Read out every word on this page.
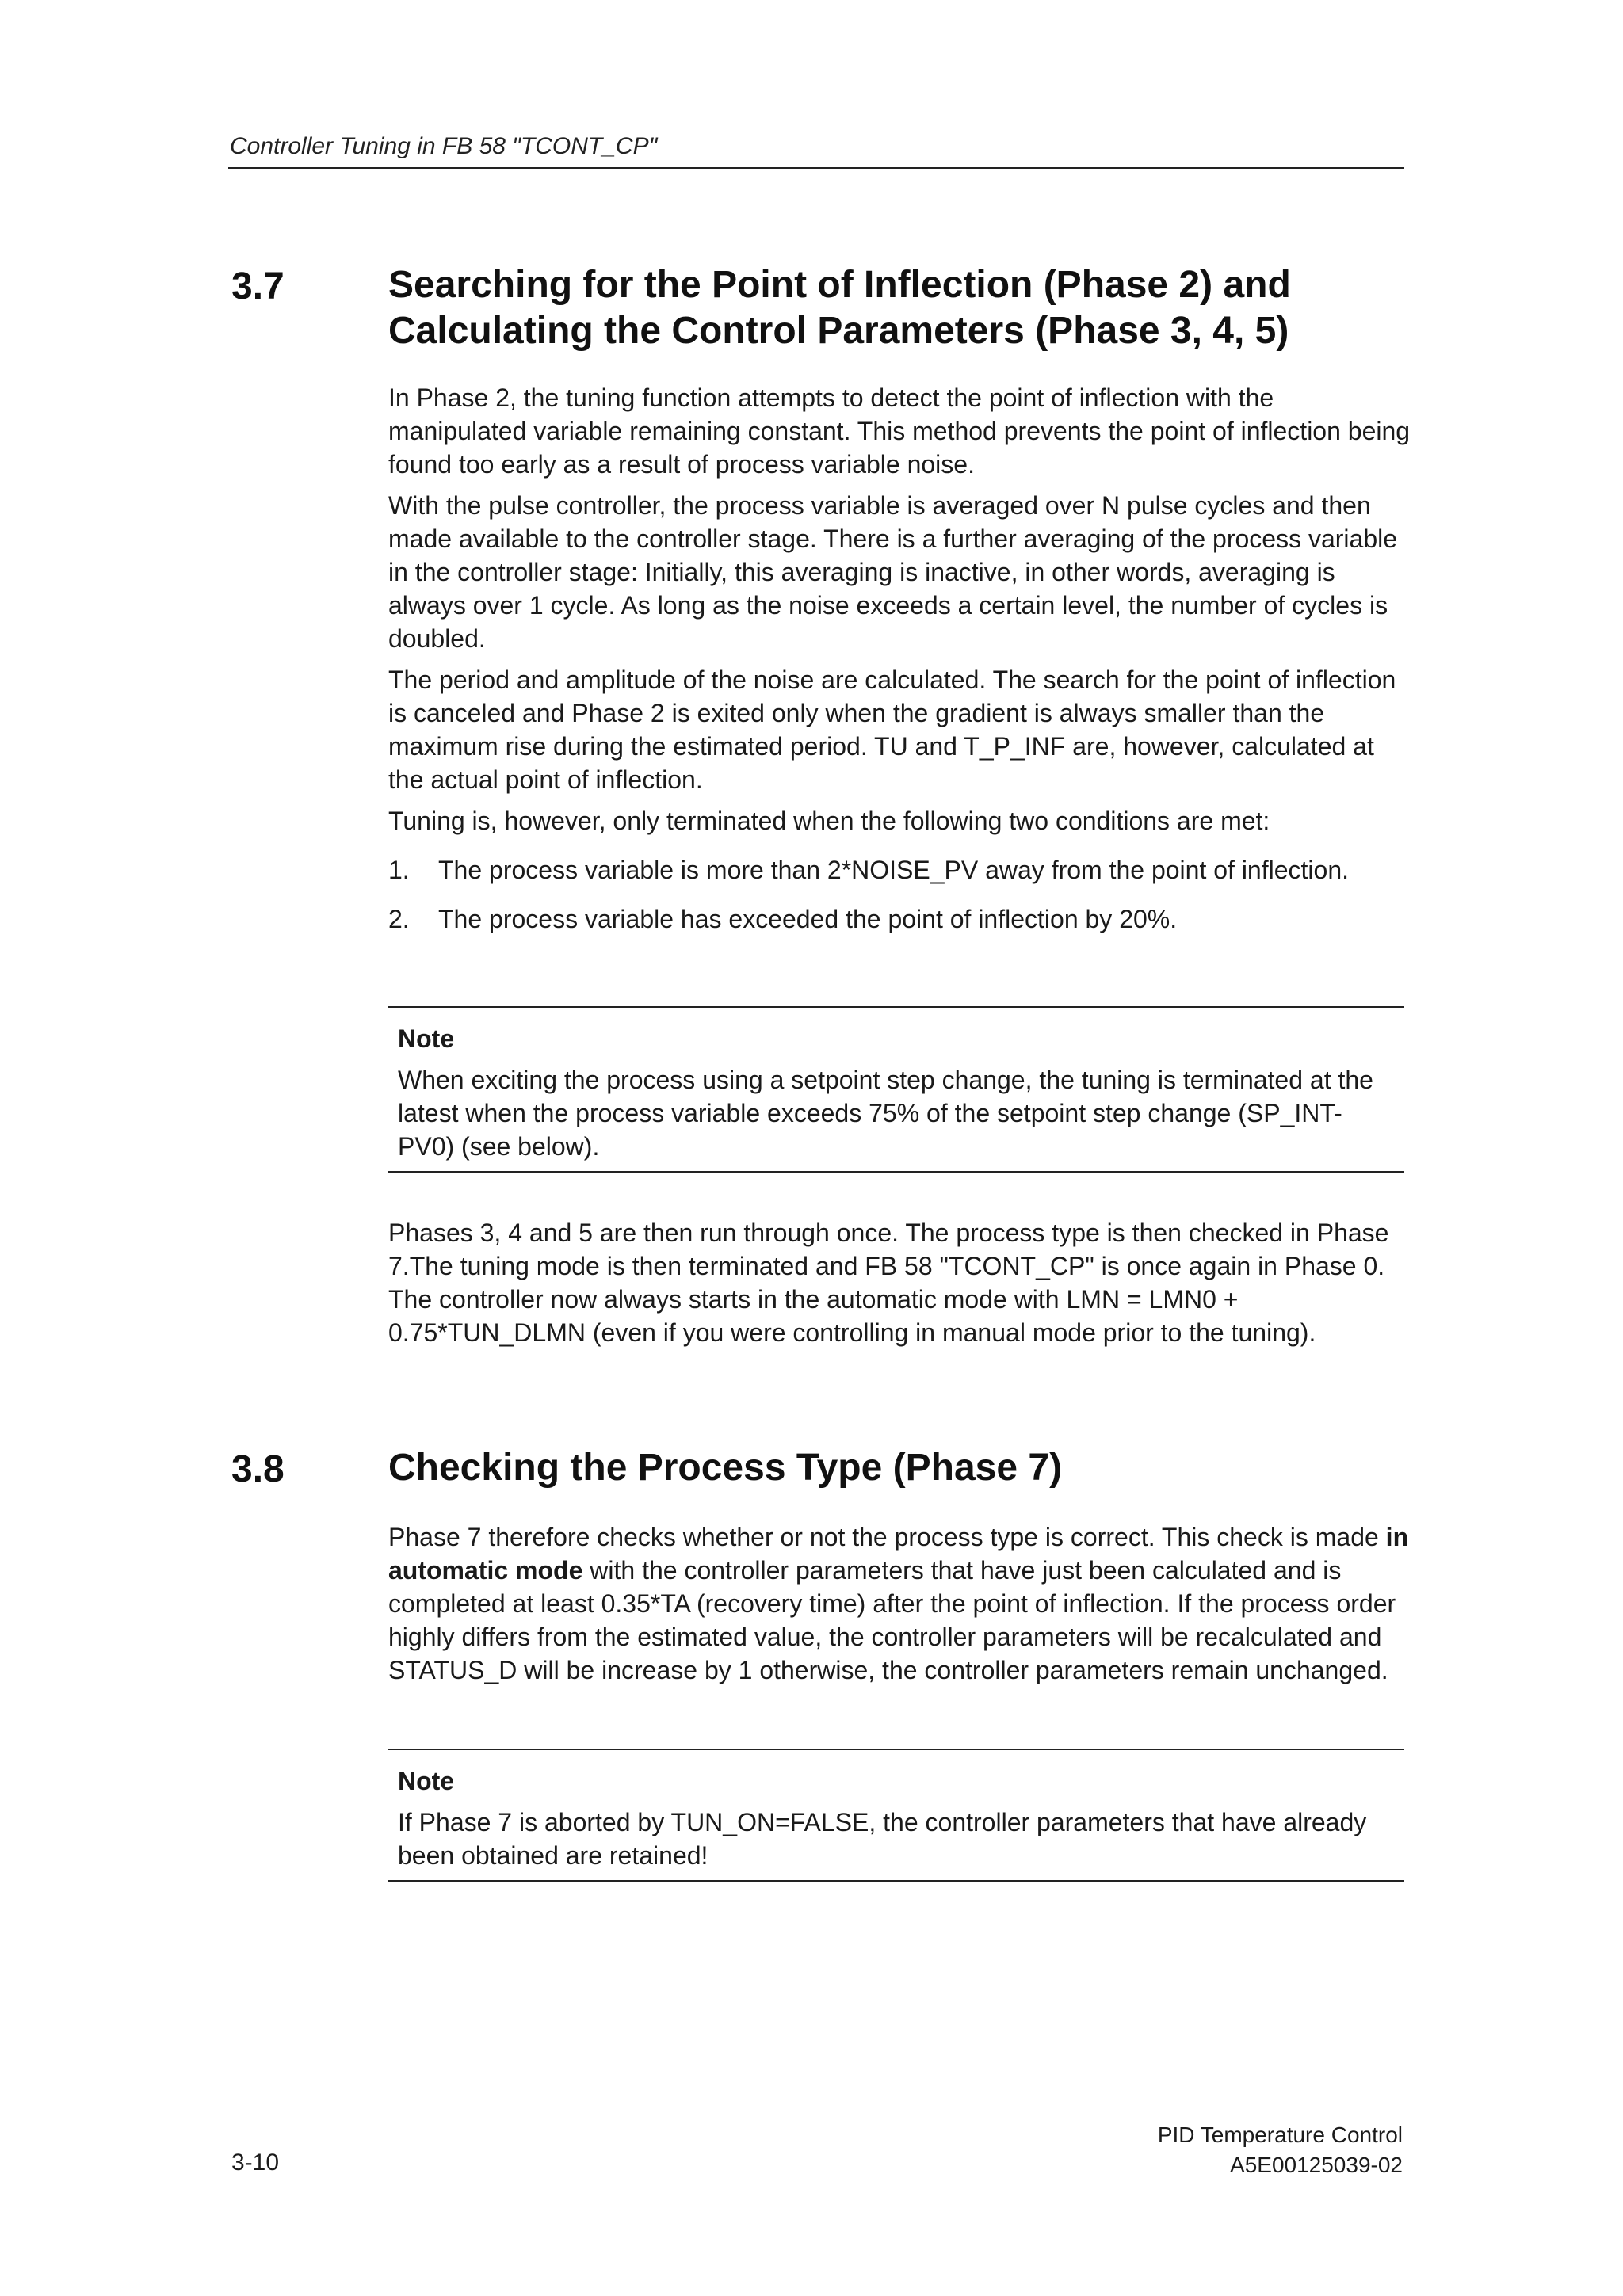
Controller Tuning in FB 58 "TCONT_CP"
3.7	Searching for the Point of Inflection (Phase 2) and
Calculating the Control Parameters (Phase 3, 4, 5)

In Phase 2, the tuning function attempts to detect the point of inflection with the manipulated variable remaining constant. This method prevents the point of inflection being found too early as a result of process variable noise.

With the pulse controller, the process variable is averaged over N pulse cycles and then made available to the controller stage. There is a further averaging of the process variable in the controller stage: Initially, this averaging is inactive, in other words, averaging is always over 1 cycle. As long as the noise exceeds a certain level, the number of cycles is doubled.

The period and amplitude of the noise are calculated. The search for the point of inflection is canceled and Phase 2 is exited only when the gradient is always smaller than the maximum rise during the estimated period. TU and T_P_INF are, however, calculated at the actual point of inflection.

Tuning is, however, only terminated when the following two conditions are met:

1. The process variable is more than 2*NOISE_PV away from the point of inflection.
2. The process variable has exceeded the point of inflection by 20%.
Note
When exciting the process using a setpoint step change, the tuning is terminated at the latest when the process variable exceeds 75% of the setpoint step change (SP_INT-PV0) (see below).

Phases 3, 4 and 5 are then run through once. The process type is then checked in Phase 7.The tuning mode is then terminated and FB 58 "TCONT_CP" is once again in Phase 0. The controller now always starts in the automatic mode with LMN = LMN0 + 0.75*TUN_DLMN (even if you were controlling in manual mode prior to the tuning).

3.8	Checking the Process Type (Phase 7)

Phase 7 therefore checks whether or not the process type is correct. This check is made in automatic mode with the controller parameters that have just been calculated and is completed at least 0.35*TA (recovery time) after the point of inflection. If the process order highly differs from the estimated value, the controller parameters will be recalculated and STATUS_D will be increase by 1 otherwise, the controller parameters remain unchanged.

Note
If Phase 7 is aborted by TUN_ON=FALSE, the controller parameters that have already been obtained are retained!
3-10
PID Temperature Control
A5E00125039-02
